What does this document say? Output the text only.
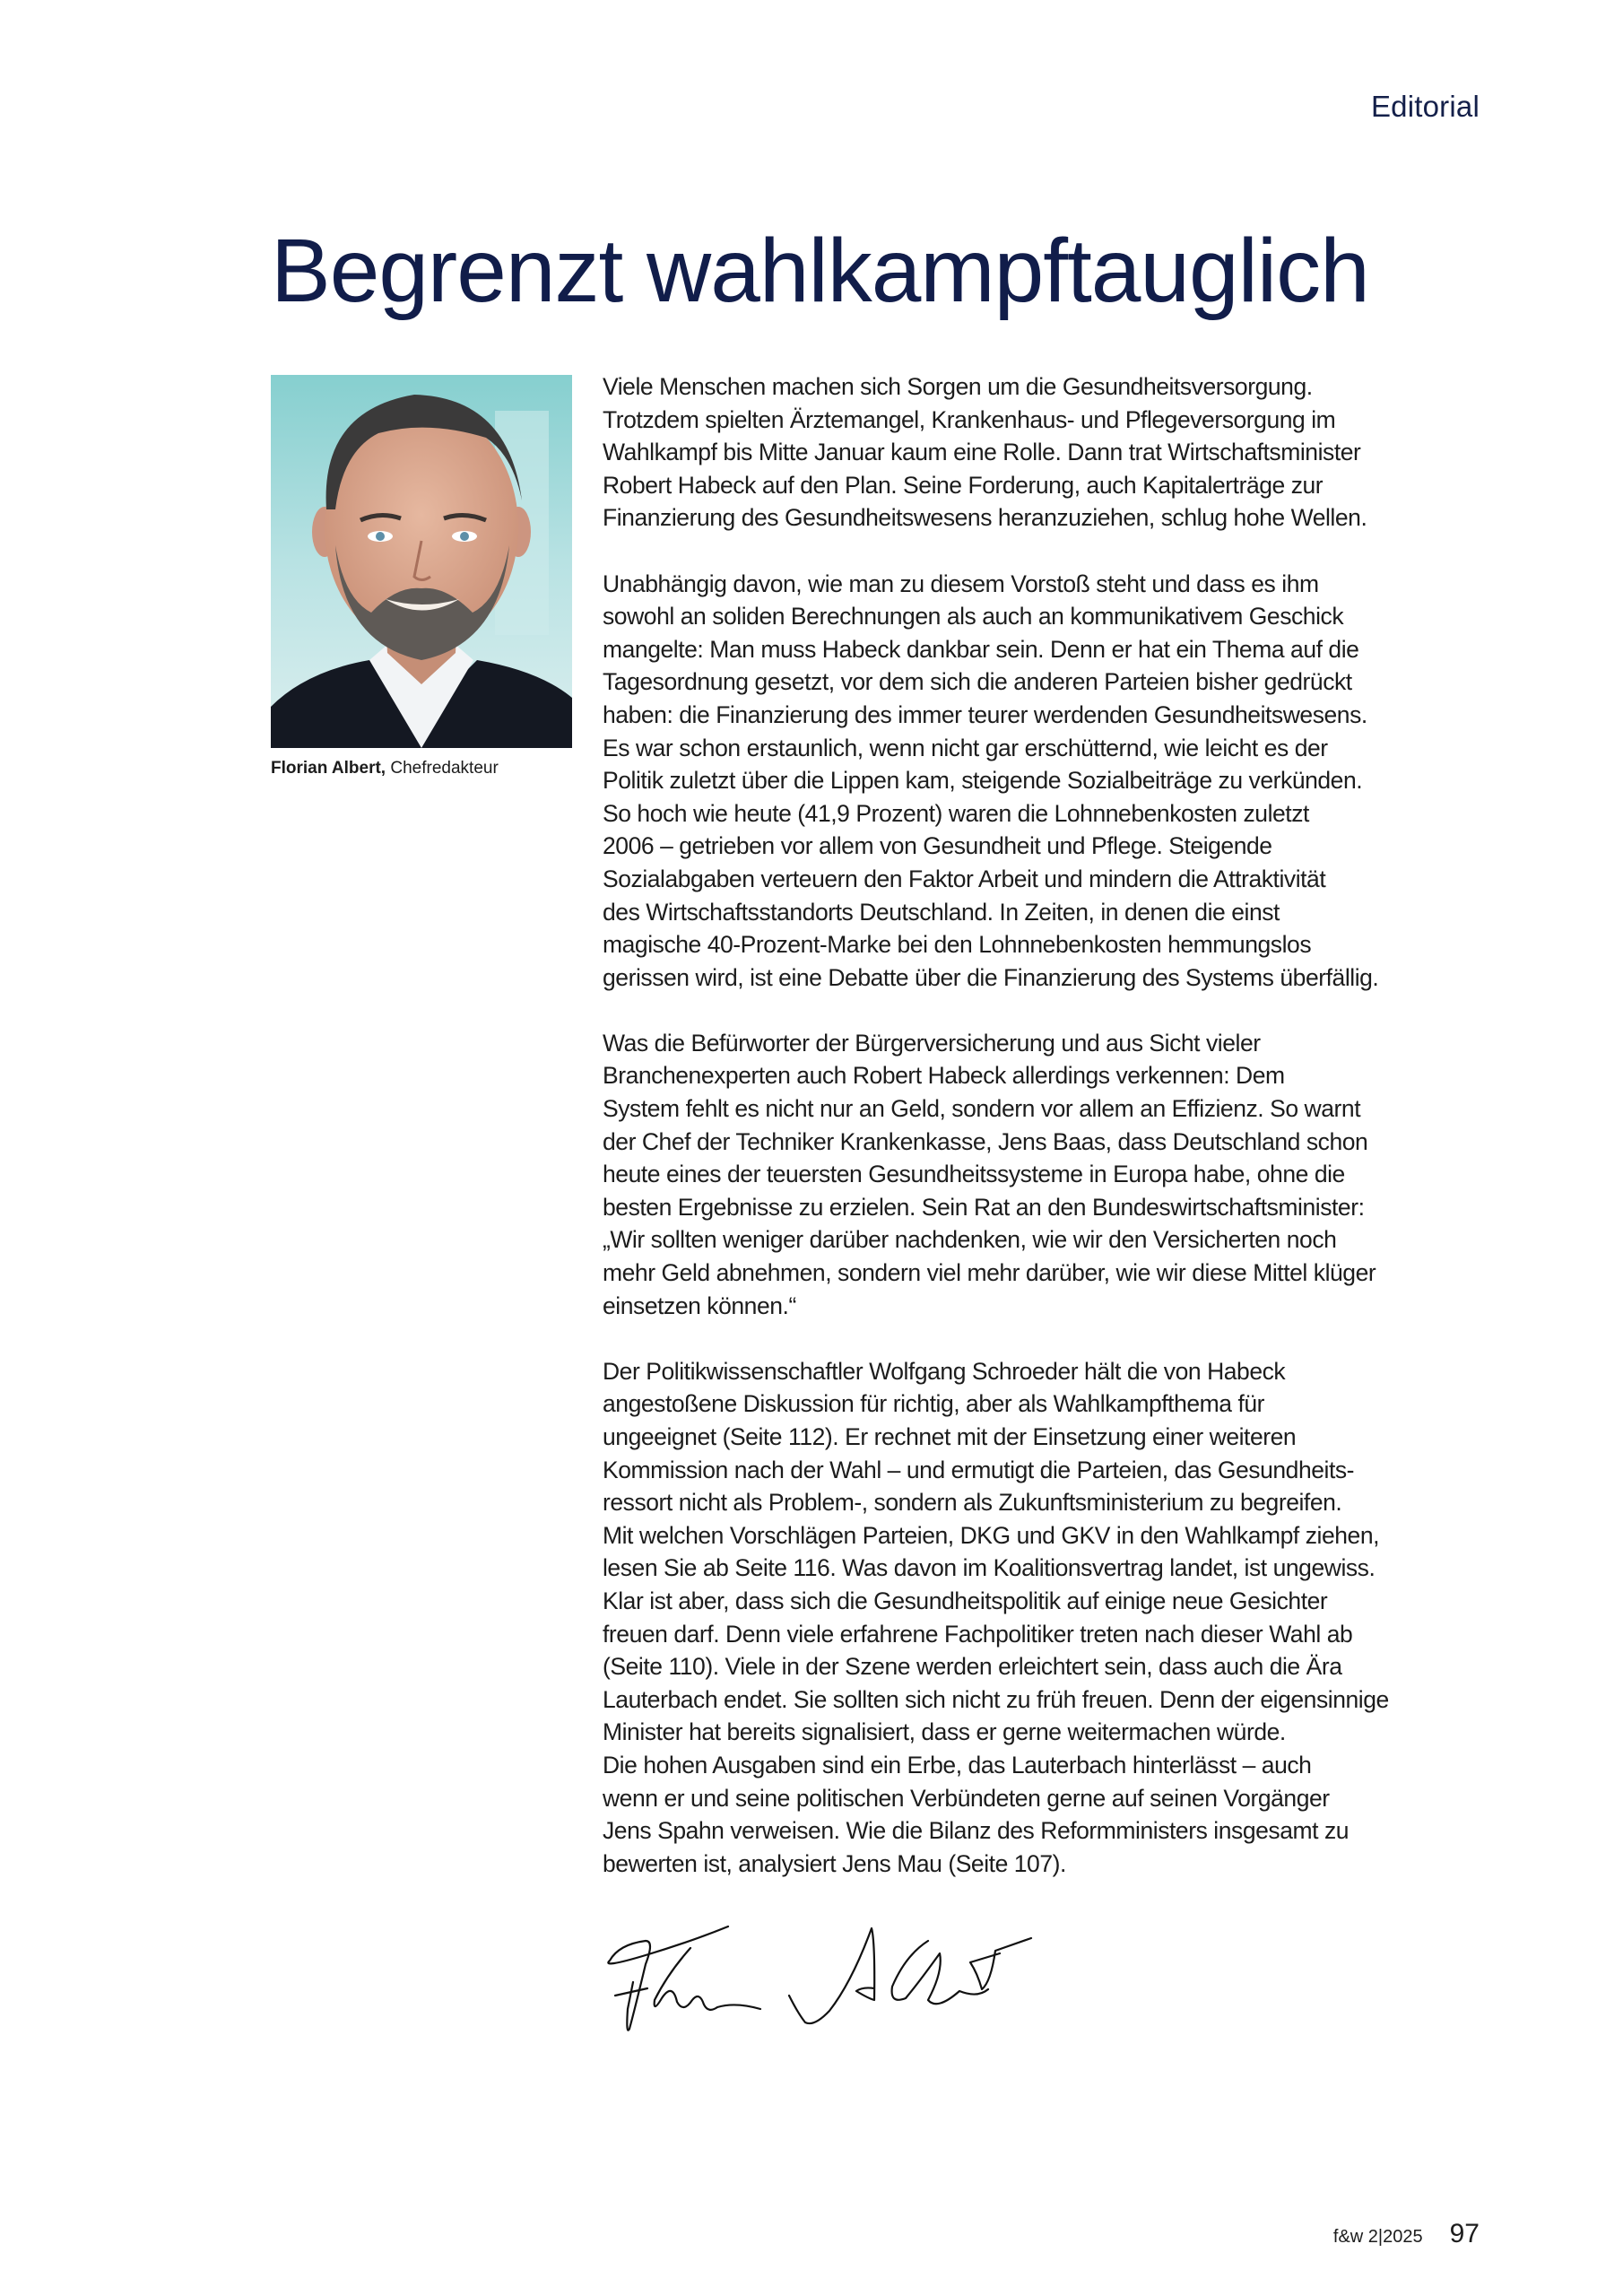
Editorial
Begrenzt wahlkampftauglich
Florian Albert, Chefredakteur

Viele Menschen machen sich Sorgen um die Gesundheitsversorgung.
Trotzdem spielten Ärztemangel, Krankenhaus- und Pflegeversorgung im
Wahlkampf bis Mitte Januar kaum eine Rolle. Dann trat Wirtschaftsminister
Robert Habeck auf den Plan. Seine Forderung, auch Kapitalerträge zur
Finanzierung des Gesundheitswesens heranzuziehen, schlug hohe Wellen.

Unabhängig davon, wie man zu diesem Vorstoß steht und dass es ihm
sowohl an soliden Berechnungen als auch an kommunikativem Geschick
mangelte: Man muss Habeck dankbar sein. Denn er hat ein Thema auf die
Tagesordnung gesetzt, vor dem sich die anderen Parteien bisher gedrückt
haben: die Finanzierung des immer teurer werdenden Gesundheitswesens.
Es war schon erstaunlich, wenn nicht gar erschütternd, wie leicht es der
Politik zuletzt über die Lippen kam, steigende Sozialbeiträge zu verkünden.
So hoch wie heute (41,9 Prozent) waren die Lohnnebenkosten zuletzt
2006 – getrieben vor allem von Gesundheit und Pflege. Steigende
Sozialabgaben verteuern den Faktor Arbeit und mindern die Attraktivität
des Wirtschaftsstandorts Deutschland. In Zeiten, in denen die einst
magische 40-Prozent-Marke bei den Lohnnebenkosten hemmungslos
gerissen wird, ist eine Debatte über die Finanzierung des Systems überfällig.

Was die Befürworter der Bürgerversicherung und aus Sicht vieler
Branchenexperten auch Robert Habeck allerdings verkennen: Dem
System fehlt es nicht nur an Geld, sondern vor allem an Effizienz. So warnt
der Chef der Techniker Krankenkasse, Jens Baas, dass Deutschland schon
heute eines der teuersten Gesundheitssysteme in Europa habe, ohne die
besten Ergebnisse zu erzielen. Sein Rat an den Bundeswirtschaftsminister:
„Wir sollten weniger darüber nachdenken, wie wir den Versicherten noch
mehr Geld abnehmen, sondern viel mehr darüber, wie wir diese Mittel klüger
einsetzen können.“

Der Politikwissenschaftler Wolfgang Schroeder hält die von Habeck
angestoßene Diskussion für richtig, aber als Wahlkampfthema für
ungeeignet (Seite 112). Er rechnet mit der Einsetzung einer weiteren
Kommission nach der Wahl – und ermutigt die Parteien, das Gesundheits-
ressort nicht als Problem-, sondern als Zukunftsministerium zu begreifen.
Mit welchen Vorschlägen Parteien, DKG und GKV in den Wahlkampf ziehen,
lesen Sie ab Seite 116. Was davon im Koalitionsvertrag landet, ist ungewiss.
Klar ist aber, dass sich die Gesundheitspolitik auf einige neue Gesichter
freuen darf. Denn viele erfahrene Fachpolitiker treten nach dieser Wahl ab
(Seite 110). Viele in der Szene werden erleichtert sein, dass auch die Ära
Lauterbach endet. Sie sollten sich nicht zu früh freuen. Denn der eigensinnige
Minister hat bereits signalisiert, dass er gerne weitermachen würde.
Die hohen Ausgaben sind ein Erbe, das Lauterbach hinterlässt – auch
wenn er und seine politischen Verbündeten gerne auf seinen Vorgänger
Jens Spahn verweisen. Wie die Bilanz des Reformministers insgesamt zu
bewerten ist, analysiert Jens Mau (Seite 107).

f&w 2|2025 97
